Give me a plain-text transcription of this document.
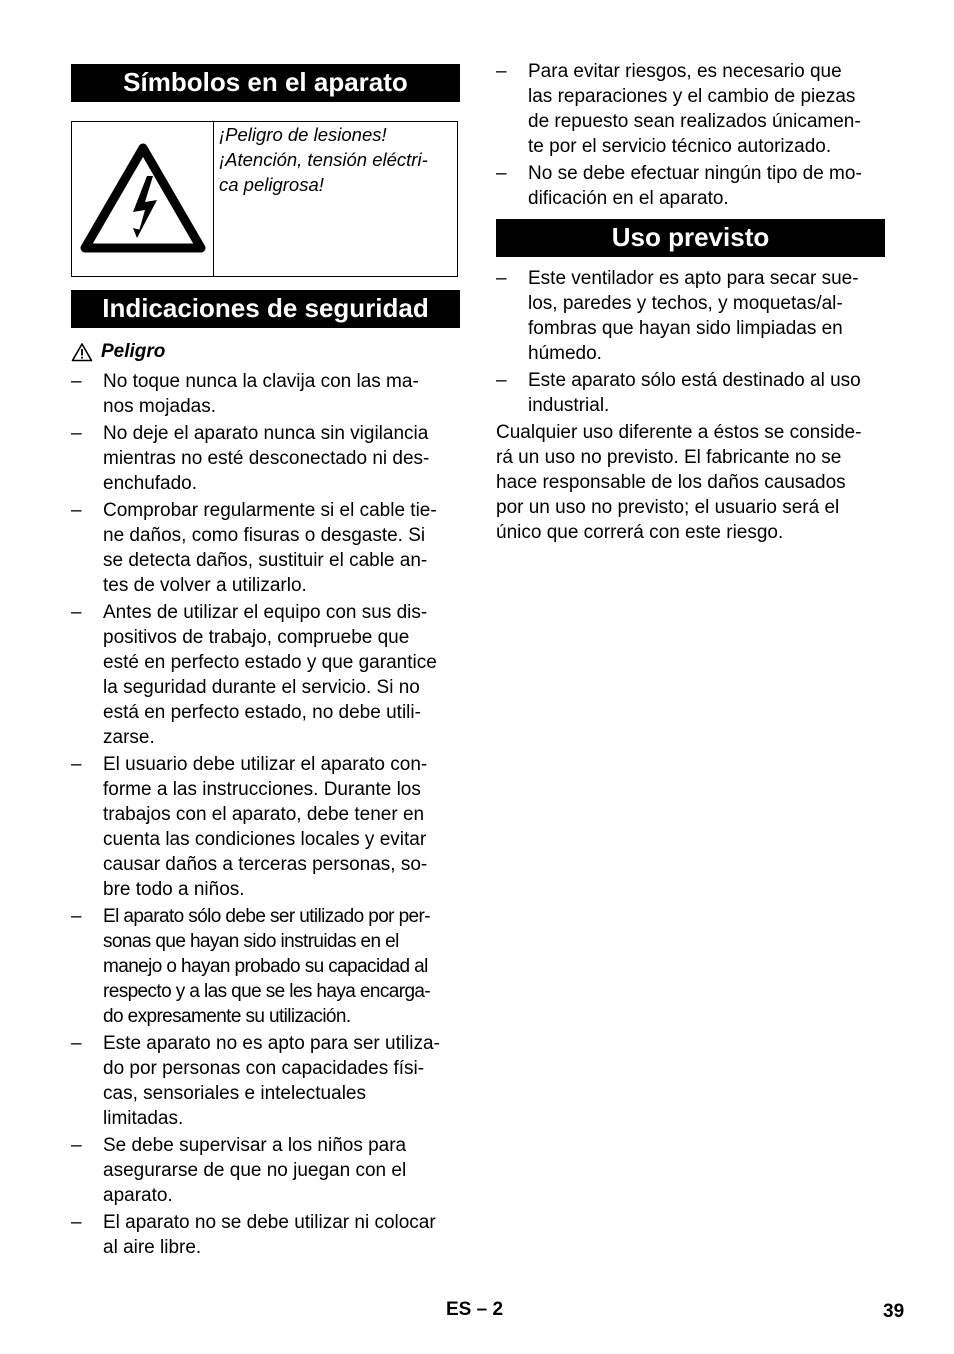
Símbolos en el aparato
¡Peligro de lesiones!
¡Atención, tensión eléctri-
ca peligrosa!
Indicaciones de seguridad
Peligro
– No toque nunca la clavija con las ma-
nos mojadas.
– No deje el aparato nunca sin vigilancia
mientras no esté desconectado ni des-
enchufado.
– Comprobar regularmente si el cable tie-
ne daños, como fisuras o desgaste. Si
se detecta daños, sustituir el cable an-
tes de volver a utilizarlo.
– Antes de utilizar el equipo con sus dis-
positivos de trabajo, compruebe que
esté en perfecto estado y que garantice
la seguridad durante el servicio. Si no
está en perfecto estado, no debe utili-
zarse.
– El usuario debe utilizar el aparato con-
forme a las instrucciones. Durante los
trabajos con el aparato, debe tener en
cuenta las condiciones locales y evitar
causar daños a terceras personas, so-
bre todo a niños.
– El aparato sólo debe ser utilizado por per-
sonas que hayan sido instruidas en el
manejo o hayan probado su capacidad al
respecto y a las que se les haya encarga-
do expresamente su utilización.
– Este aparato no es apto para ser utiliza-
do por personas con capacidades físi-
cas, sensoriales e intelectuales
limitadas.
– Se debe supervisar a los niños para
asegurarse de que no juegan con el
aparato.
– El aparato no se debe utilizar ni colocar
al aire libre.
– Para evitar riesgos, es necesario que
las reparaciones y el cambio de piezas
de repuesto sean realizados únicamen-
te por el servicio técnico autorizado.
– No se debe efectuar ningún tipo de mo-
dificación en el aparato.
Uso previsto
– Este ventilador es apto para secar sue-
los, paredes y techos, y moquetas/al-
fombras que hayan sido limpiadas en
húmedo.
– Este aparato sólo está destinado al uso
industrial.
Cualquier uso diferente a éstos se conside-
rá un uso no previsto. El fabricante no se
hace responsable de los daños causados
por un uso no previsto; el usuario será el
único que correrá con este riesgo.
ES – 2	39
